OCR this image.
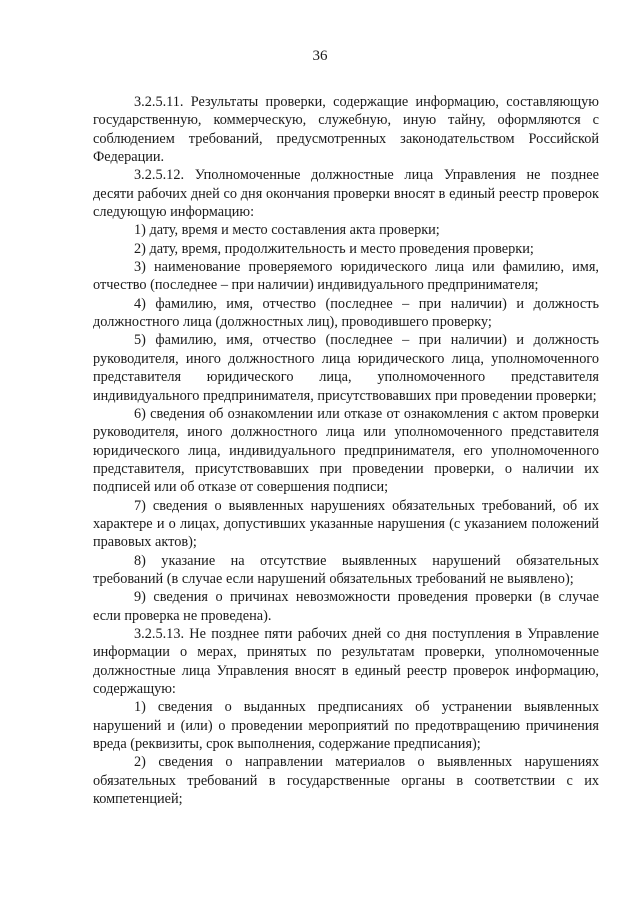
36

3.2.5.11. Результаты проверки, содержащие информацию, составляющую государственную, коммерческую, служебную, иную тайну, оформляются с соблюдением требований, предусмотренных законодательством Российской Федерации.

3.2.5.12. Уполномоченные должностные лица Управления не позднее десяти рабочих дней со дня окончания проверки вносят в единый реестр проверок следующую информацию:

1) дату, время и место составления акта проверки;

2) дату, время, продолжительность и место проведения проверки;

3) наименование проверяемого юридического лица или фамилию, имя, отчество (последнее – при наличии) индивидуального предпринимателя;

4) фамилию, имя, отчество (последнее – при наличии) и должность должностного лица (должностных лиц), проводившего проверку;

5) фамилию, имя, отчество (последнее – при наличии) и должность руководителя, иного должностного лица юридического лица, уполномоченного представителя юридического лица, уполномоченного представителя индивидуального предпринимателя, присутствовавших при проведении проверки;

6) сведения об ознакомлении или отказе от ознакомления с актом проверки руководителя, иного должностного лица или уполномоченного представителя юридического лица, индивидуального предпринимателя, его уполномоченного представителя, присутствовавших при проведении проверки, о наличии их подписей или об отказе от совершения подписи;

7) сведения о выявленных нарушениях обязательных требований, об их характере и о лицах, допустивших указанные нарушения (с указанием положений правовых актов);

8) указание на отсутствие выявленных нарушений обязательных требований (в случае если нарушений обязательных требований не выявлено);

9) сведения о причинах невозможности проведения проверки (в случае если проверка не проведена).

3.2.5.13. Не позднее пяти рабочих дней со дня поступления в Управление информации о мерах, принятых по результатам проверки, уполномоченные должностные лица Управления вносят в единый реестр проверок информацию, содержащую:

1) сведения о выданных предписаниях об устранении выявленных нарушений и (или) о проведении мероприятий по предотвращению причинения вреда (реквизиты, срок выполнения, содержание предписания);

2) сведения о направлении материалов о выявленных нарушениях обязательных требований в государственные органы в соответствии с их компетенцией;
